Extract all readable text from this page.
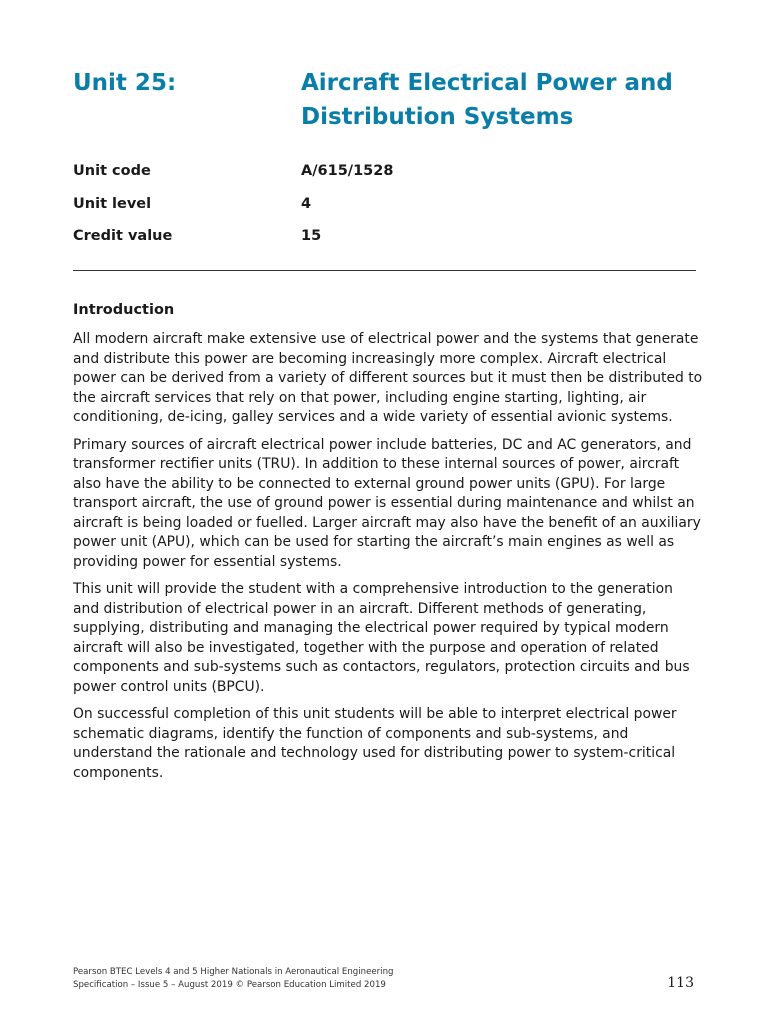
Unit 25:	Aircraft Electrical Power and Distribution Systems
Unit code	A/615/1528
Unit level	4
Credit value	15
Introduction

All modern aircraft make extensive use of electrical power and the systems that generate and distribute this power are becoming increasingly more complex. Aircraft electrical power can be derived from a variety of different sources but it must then be distributed to the aircraft services that rely on that power, including engine starting, lighting, air conditioning, de-icing, galley services and a wide variety of essential avionic systems.

Primary sources of aircraft electrical power include batteries, DC and AC generators, and transformer rectifier units (TRU). In addition to these internal sources of power, aircraft also have the ability to be connected to external ground power units (GPU). For large transport aircraft, the use of ground power is essential during maintenance and whilst an aircraft is being loaded or fuelled. Larger aircraft may also have the benefit of an auxiliary power unit (APU), which can be used for starting the aircraft’s main engines as well as providing power for essential systems.

This unit will provide the student with a comprehensive introduction to the generation and distribution of electrical power in an aircraft. Different methods of generating, supplying, distributing and managing the electrical power required by typical modern aircraft will also be investigated, together with the purpose and operation of related components and sub-systems such as contactors, regulators, protection circuits and bus power control units (BPCU).

On successful completion of this unit students will be able to interpret electrical power schematic diagrams, identify the function of components and sub-systems, and understand the rationale and technology used for distributing power to system-critical components.

Pearson BTEC Levels 4 and 5 Higher Nationals in Aeronautical Engineering
Specification – Issue 5 – August 2019 © Pearson Education Limited 2019	113
